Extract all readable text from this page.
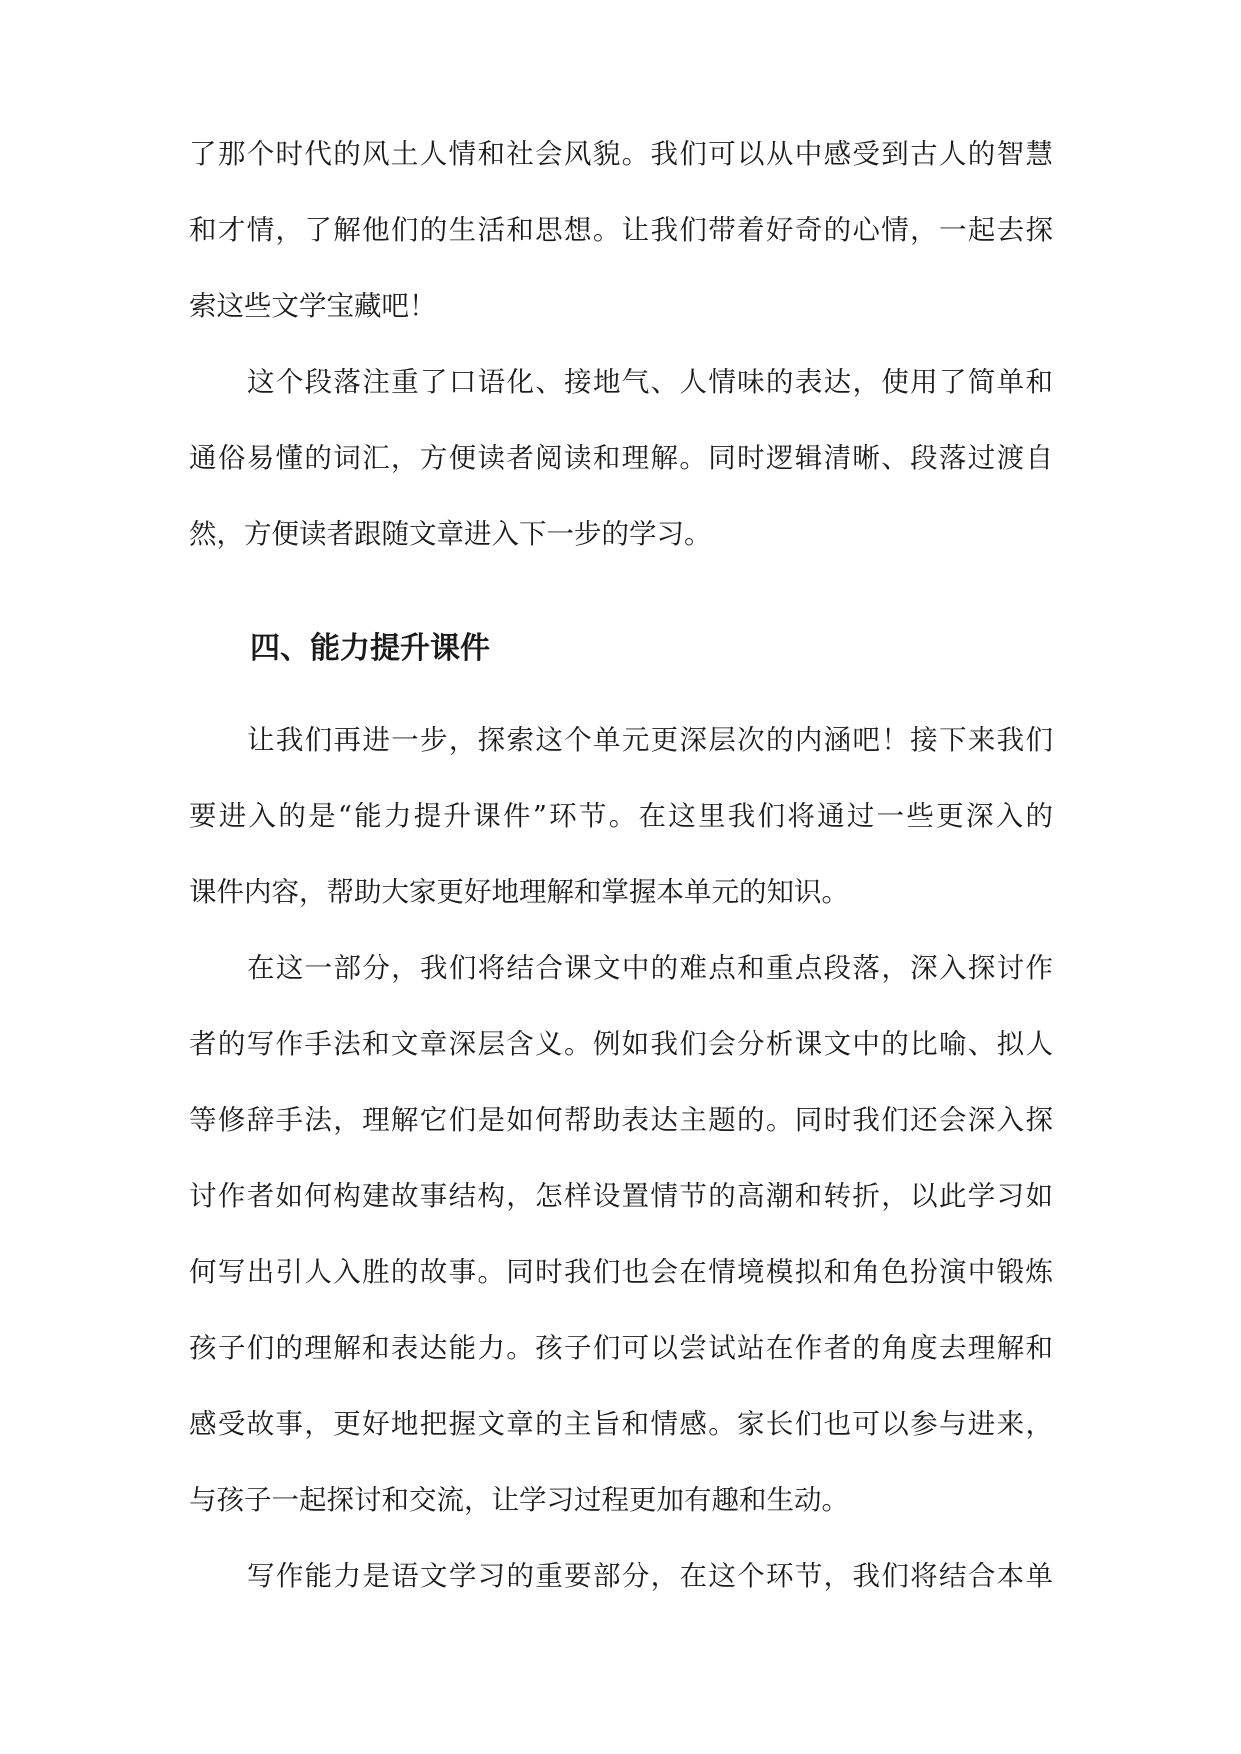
了那个时代的风土人情和社会风貌。我们可以从中感受到古人的智慧
和才情，了解他们的生活和思想。让我们带着好奇的心情，一起去探
索这些文学宝藏吧！
这个段落注重了口语化、接地气、人情味的表达，使用了简单和
通俗易懂的词汇，方便读者阅读和理解。同时逻辑清晰、段落过渡自
然，方便读者跟随文章进入下一步的学习。
四、能力提升课件
让我们再进一步，探索这个单元更深层次的内涵吧！接下来我们
要进入的是“能力提升课件”环节。在这里我们将通过一些更深入的
课件内容，帮助大家更好地理解和掌握本单元的知识。
在这一部分，我们将结合课文中的难点和重点段落，深入探讨作
者的写作手法和文章深层含义。例如我们会分析课文中的比喻、拟人
等修辞手法，理解它们是如何帮助表达主题的。同时我们还会深入探
讨作者如何构建故事结构，怎样设置情节的高潮和转折，以此学习如
何写出引人入胜的故事。同时我们也会在情境模拟和角色扮演中锻炼
孩子们的理解和表达能力。孩子们可以尝试站在作者的角度去理解和
感受故事，更好地把握文章的主旨和情感。家长们也可以参与进来，
与孩子一起探讨和交流，让学习过程更加有趣和生动。
写作能力是语文学习的重要部分，在这个环节，我们将结合本单
